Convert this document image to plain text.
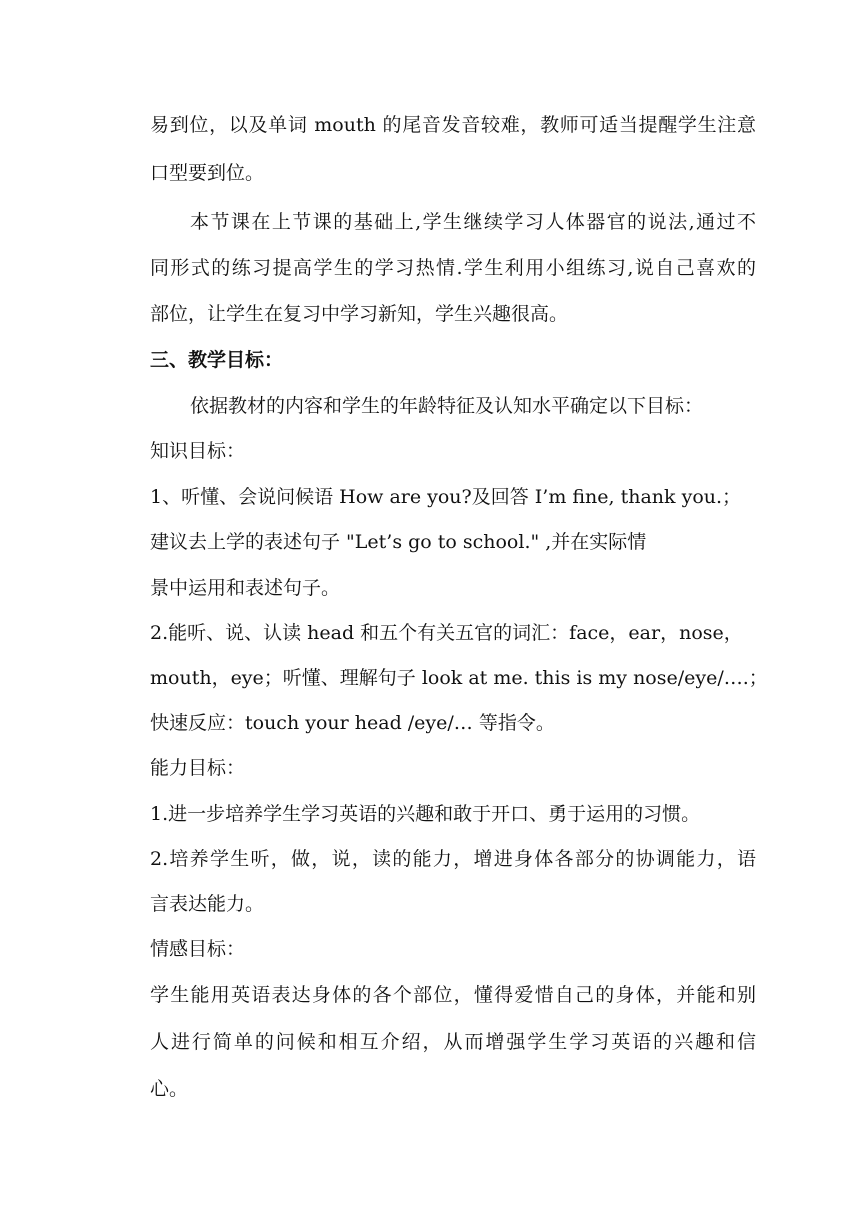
易到位，以及单词 mouth 的尾音发音较难，教师可适当提醒学生注意
口型要到位。
本节课在上节课的基础上,学生继续学习人体器官的说法,通过不
同形式的练习提高学生的学习热情.学生利用小组练习,说自己喜欢的
部位，让学生在复习中学习新知，学生兴趣很高。
三、教学目标：
依据教材的内容和学生的年龄特征及认知水平确定以下目标：
知识目标：
1、听懂、会说问候语 How are you?及回答 I’m fine, thank you.；
建议去上学的表述句子 "Let’s go to school." ,并在实际情
景中运用和表述句子。
2.能听、说、认读 head 和五个有关五官的词汇：face，ear，nose，
mouth，eye；听懂、理解句子 look at me. this is my nose/eye/….；
快速反应：touch your head /eye/… 等指令。
能力目标：
1.进一步培养学生学习英语的兴趣和敢于开口、勇于运用的习惯。
2.培养学生听，做，说，读的能力，增进身体各部分的协调能力，语
言表达能力。
情感目标：
学生能用英语表达身体的各个部位，懂得爱惜自己的身体，并能和别
人进行简单的问候和相互介绍，从而增强学生学习英语的兴趣和信
心。
